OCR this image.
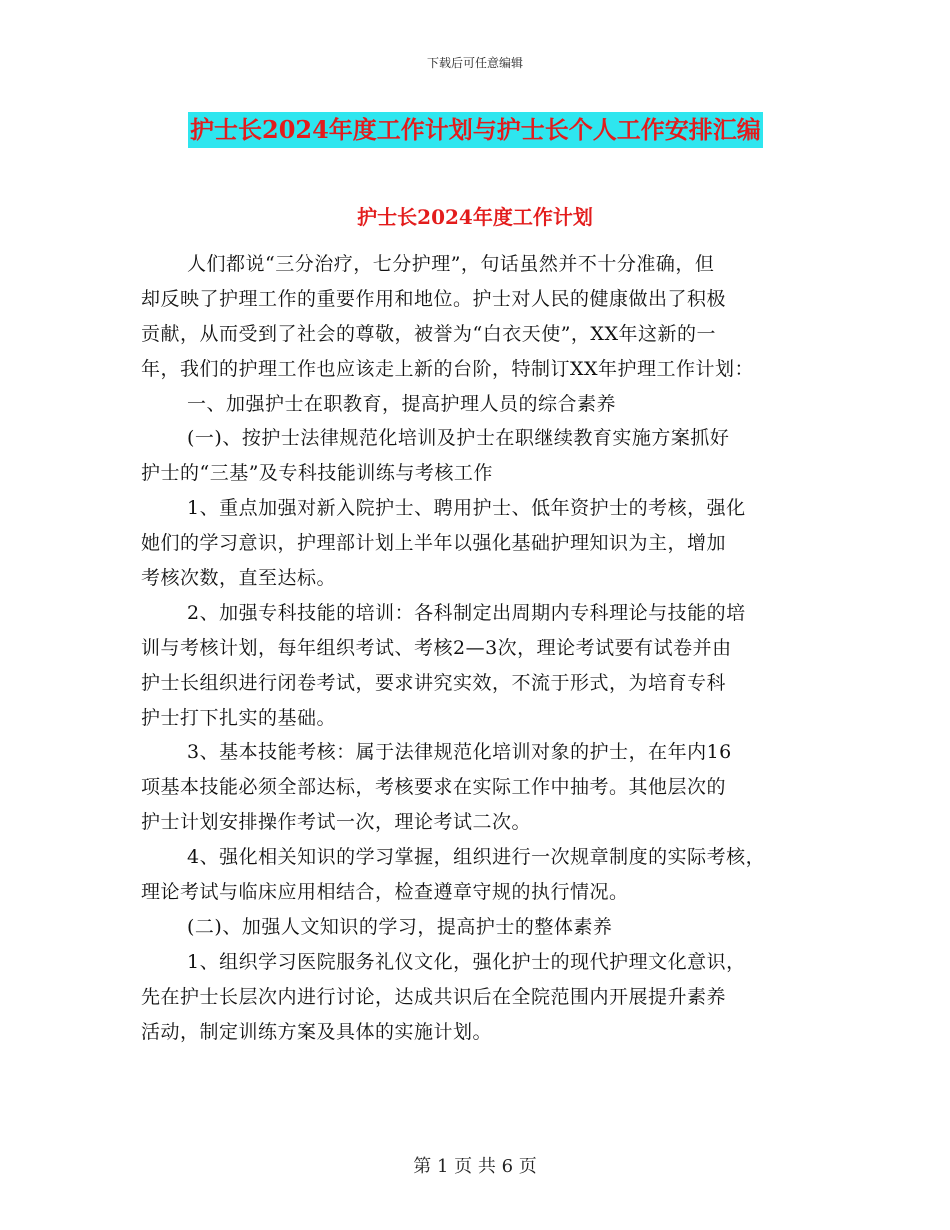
下载后可任意编辑
护士长2024年度工作计划与护士长个人工作安排汇编
护士长2024年度工作计划
人们都说“三分治疗，七分护理”，句话虽然并不十分准确，但
却反映了护理工作的重要作用和地位。护士对人民的健康做出了积极
贡献，从而受到了社会的尊敬，被誉为“白衣天使”，XX年这新的一
年，我们的护理工作也应该走上新的台阶，特制订XX年护理工作计划：
一、加强护士在职教育，提高护理人员的综合素养
(一)、按护士法律规范化培训及护士在职继续教育实施方案抓好
护士的“三基”及专科技能训练与考核工作
1、重点加强对新入院护士、聘用护士、低年资护士的考核，强化
她们的学习意识，护理部计划上半年以强化基础护理知识为主，增加
考核次数，直至达标。
2、加强专科技能的培训：各科制定出周期内专科理论与技能的培
训与考核计划，每年组织考试、考核2—3次，理论考试要有试卷并由
护士长组织进行闭卷考试，要求讲究实效，不流于形式，为培育专科
护士打下扎实的基础。
3、基本技能考核：属于法律规范化培训对象的护士，在年内16
项基本技能必须全部达标，考核要求在实际工作中抽考。其他层次的
护士计划安排操作考试一次，理论考试二次。
4、强化相关知识的学习掌握，组织进行一次规章制度的实际考核，
理论考试与临床应用相结合，检查遵章守规的执行情况。
(二)、加强人文知识的学习，提高护士的整体素养
1、组织学习医院服务礼仪文化，强化护士的现代护理文化意识，
先在护士长层次内进行讨论，达成共识后在全院范围内开展提升素养
活动，制定训练方案及具体的实施计划。
第 1 页 共 6 页
